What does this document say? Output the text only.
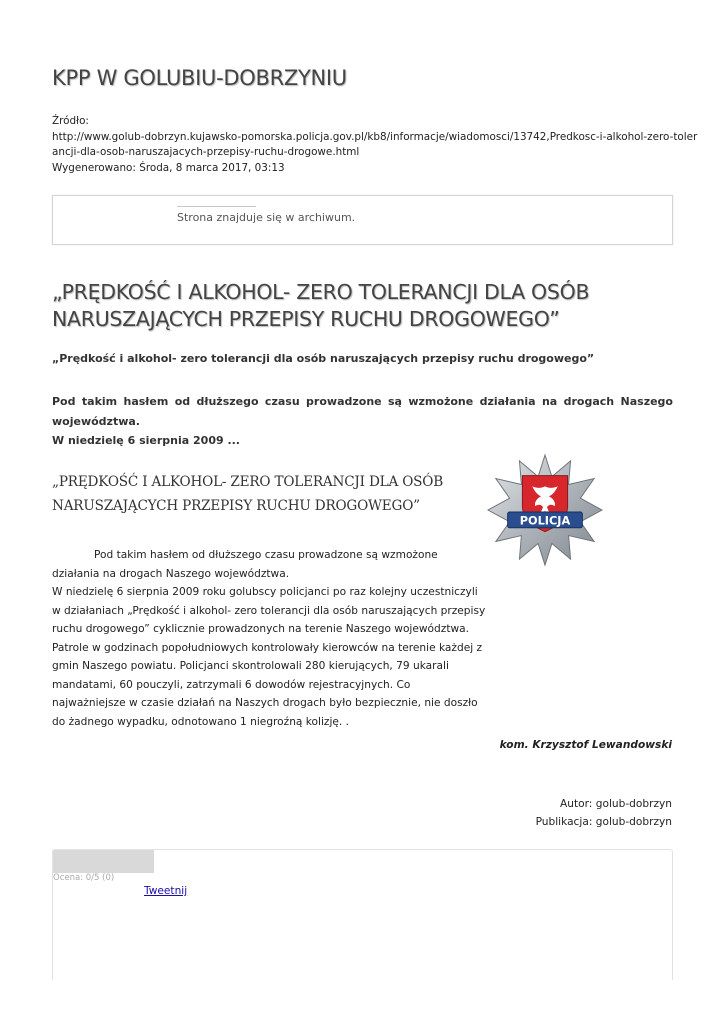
KPP W GOLUBIU-DOBRZYNIU
Źródło:
http://www.golub-dobrzyn.kujawsko-pomorska.policja.gov.pl/kb8/informacje/wiadomosci/13742,Predkosc-i-alkohol-zero-toler
ancji-dla-osob-naruszajacych-przepisy-ruchu-drogowe.html
Wygenerowano: Środa, 8 marca 2017, 03:13
Strona znajduje się w archiwum.
„PRĘDKOŚĆ I ALKOHOL- ZERO TOLERANCJI DLA OSÓB NARUSZAJĄCYCH PRZEPISY RUCHU DROGOWEGO”
„Prędkość i alkohol- zero tolerancji dla osób naruszających przepisy ruchu drogowego”
Pod takim hasłem od dłuższego czasu prowadzone są wzmożone działania na drogach Naszego województwa.
W niedzielę 6 sierpnia 2009 ...
„PRĘDKOŚĆ I ALKOHOL- ZERO TOLERANCJI DLA OSÓB
NARUSZAJĄCYCH PRZEPISY RUCHU DROGOWEGO”
POLICJA
Pod takim hasłem od dłuższego czasu prowadzone są wzmożone działania na drogach Naszego województwa.
W niedzielę 6 sierpnia 2009 roku golubscy policjanci po raz kolejny uczestniczyli w działaniach „Prędkość i alkohol- zero tolerancji dla osób naruszających przepisy ruchu drogowego” cyklicznie prowadzonych na terenie Naszego województwa. Patrole w godzinach popołudniowych kontrolowały kierowców na terenie każdej z gmin Naszego powiatu. Policjanci skontrolowali 280 kierujących, 79 ukarali mandatami, 60 pouczyli, zatrzymali 6 dowodów rejestracyjnych. Co najważniejsze w czasie działań na Naszych drogach było bezpiecznie, nie doszło do żadnego wypadku, odnotowano 1 niegroźną kolizję. .
kom. Krzysztof Lewandowski
Autor: golub-dobrzyn
Publikacja: golub-dobrzyn
Ocena: 0/5 (0)
Tweetnij
